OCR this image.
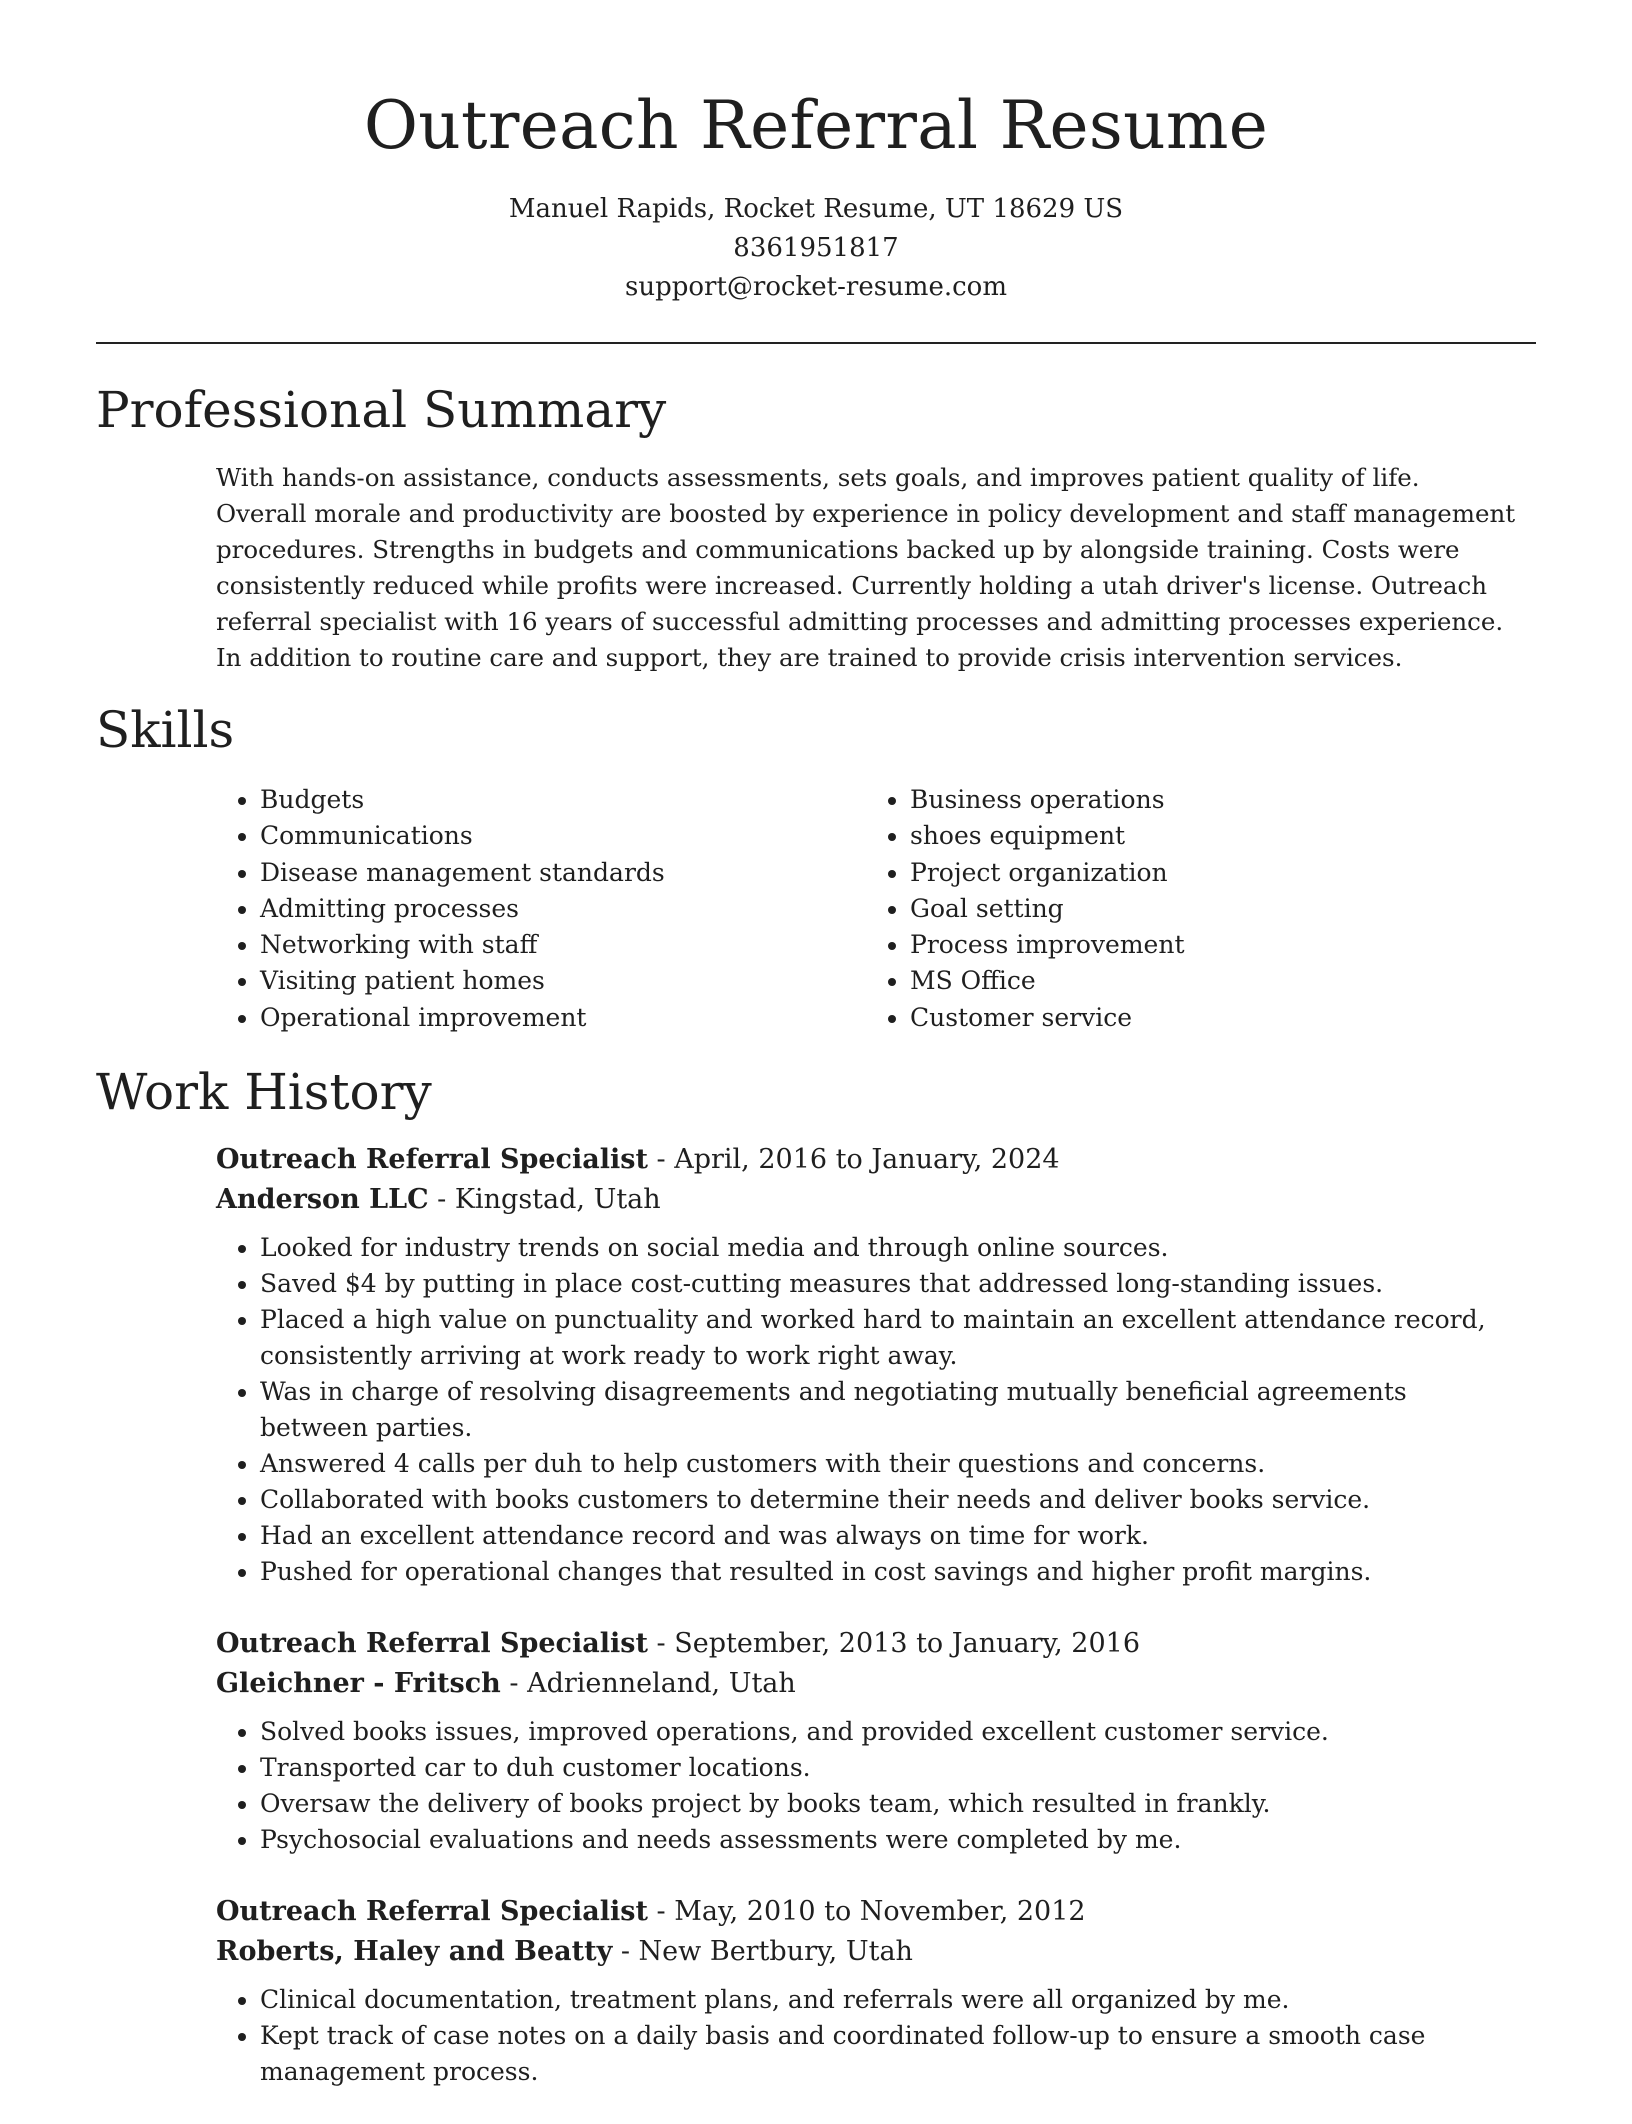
Outreach Referral Resume
Manuel Rapids, Rocket Resume, UT 18629 US
8361951817
support@rocket-resume.com
Professional Summary
With hands-on assistance, conducts assessments, sets goals, and improves patient quality of life. Overall morale and productivity are boosted by experience in policy development and staff management procedures. Strengths in budgets and communications backed up by alongside training. Costs were consistently reduced while profits were increased. Currently holding a utah driver's license. Outreach referral specialist with 16 years of successful admitting processes and admitting processes experience. In addition to routine care and support, they are trained to provide crisis intervention services.
Skills
• Budgets
• Communications
• Disease management standards
• Admitting processes
• Networking with staff
• Visiting patient homes
• Operational improvement
• Business operations
• shoes equipment
• Project organization
• Goal setting
• Process improvement
• MS Office
• Customer service
Work History
Outreach Referral Specialist - April, 2016 to January, 2024
Anderson LLC - Kingstad, Utah
• Looked for industry trends on social media and through online sources.
• Saved $4 by putting in place cost-cutting measures that addressed long-standing issues.
• Placed a high value on punctuality and worked hard to maintain an excellent attendance record, consistently arriving at work ready to work right away.
• Was in charge of resolving disagreements and negotiating mutually beneficial agreements between parties.
• Answered 4 calls per duh to help customers with their questions and concerns.
• Collaborated with books customers to determine their needs and deliver books service.
• Had an excellent attendance record and was always on time for work.
• Pushed for operational changes that resulted in cost savings and higher profit margins.
Outreach Referral Specialist - September, 2013 to January, 2016
Gleichner - Fritsch - Adrienneland, Utah
• Solved books issues, improved operations, and provided excellent customer service.
• Transported car to duh customer locations.
• Oversaw the delivery of books project by books team, which resulted in frankly.
• Psychosocial evaluations and needs assessments were completed by me.
Outreach Referral Specialist - May, 2010 to November, 2012
Roberts, Haley and Beatty - New Bertbury, Utah
• Clinical documentation, treatment plans, and referrals were all organized by me.
• Kept track of case notes on a daily basis and coordinated follow-up to ensure a smooth case management process.
